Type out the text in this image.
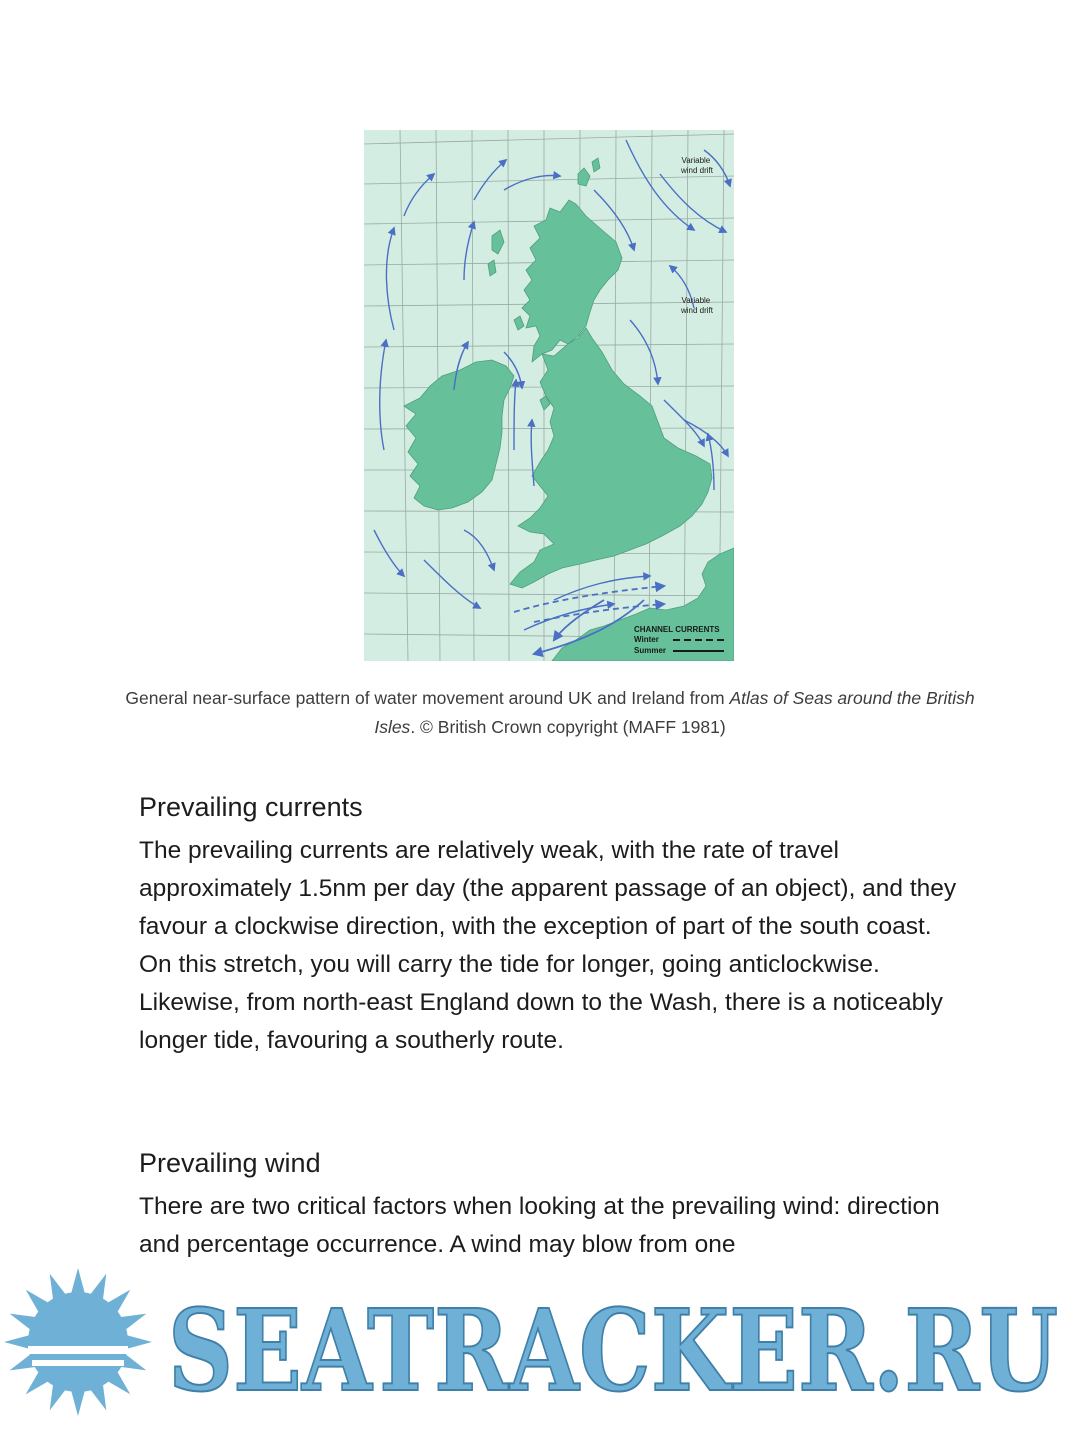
Variable wind drift
Variable wind drift
CHANNEL CURRENTS
Winter
Summer
General near-surface pattern of water movement around UK and Ireland from Atlas of Seas around the British Isles. © British Crown copyright (MAFF 1981)
Prevailing currents

The prevailing currents are relatively weak, with the rate of travel approximately 1.5nm per day (the apparent passage of an object), and they favour a clockwise direction, with the exception of part of the south coast. On this stretch, you will carry the tide for longer, going anticlockwise. Likewise, from north-east England down to the Wash, there is a noticeably longer tide, favouring a southerly route.

Prevailing wind

There are two critical factors when looking at the prevailing wind: direction and percentage occurrence. A wind may blow from one

SEATRACKER.RU
